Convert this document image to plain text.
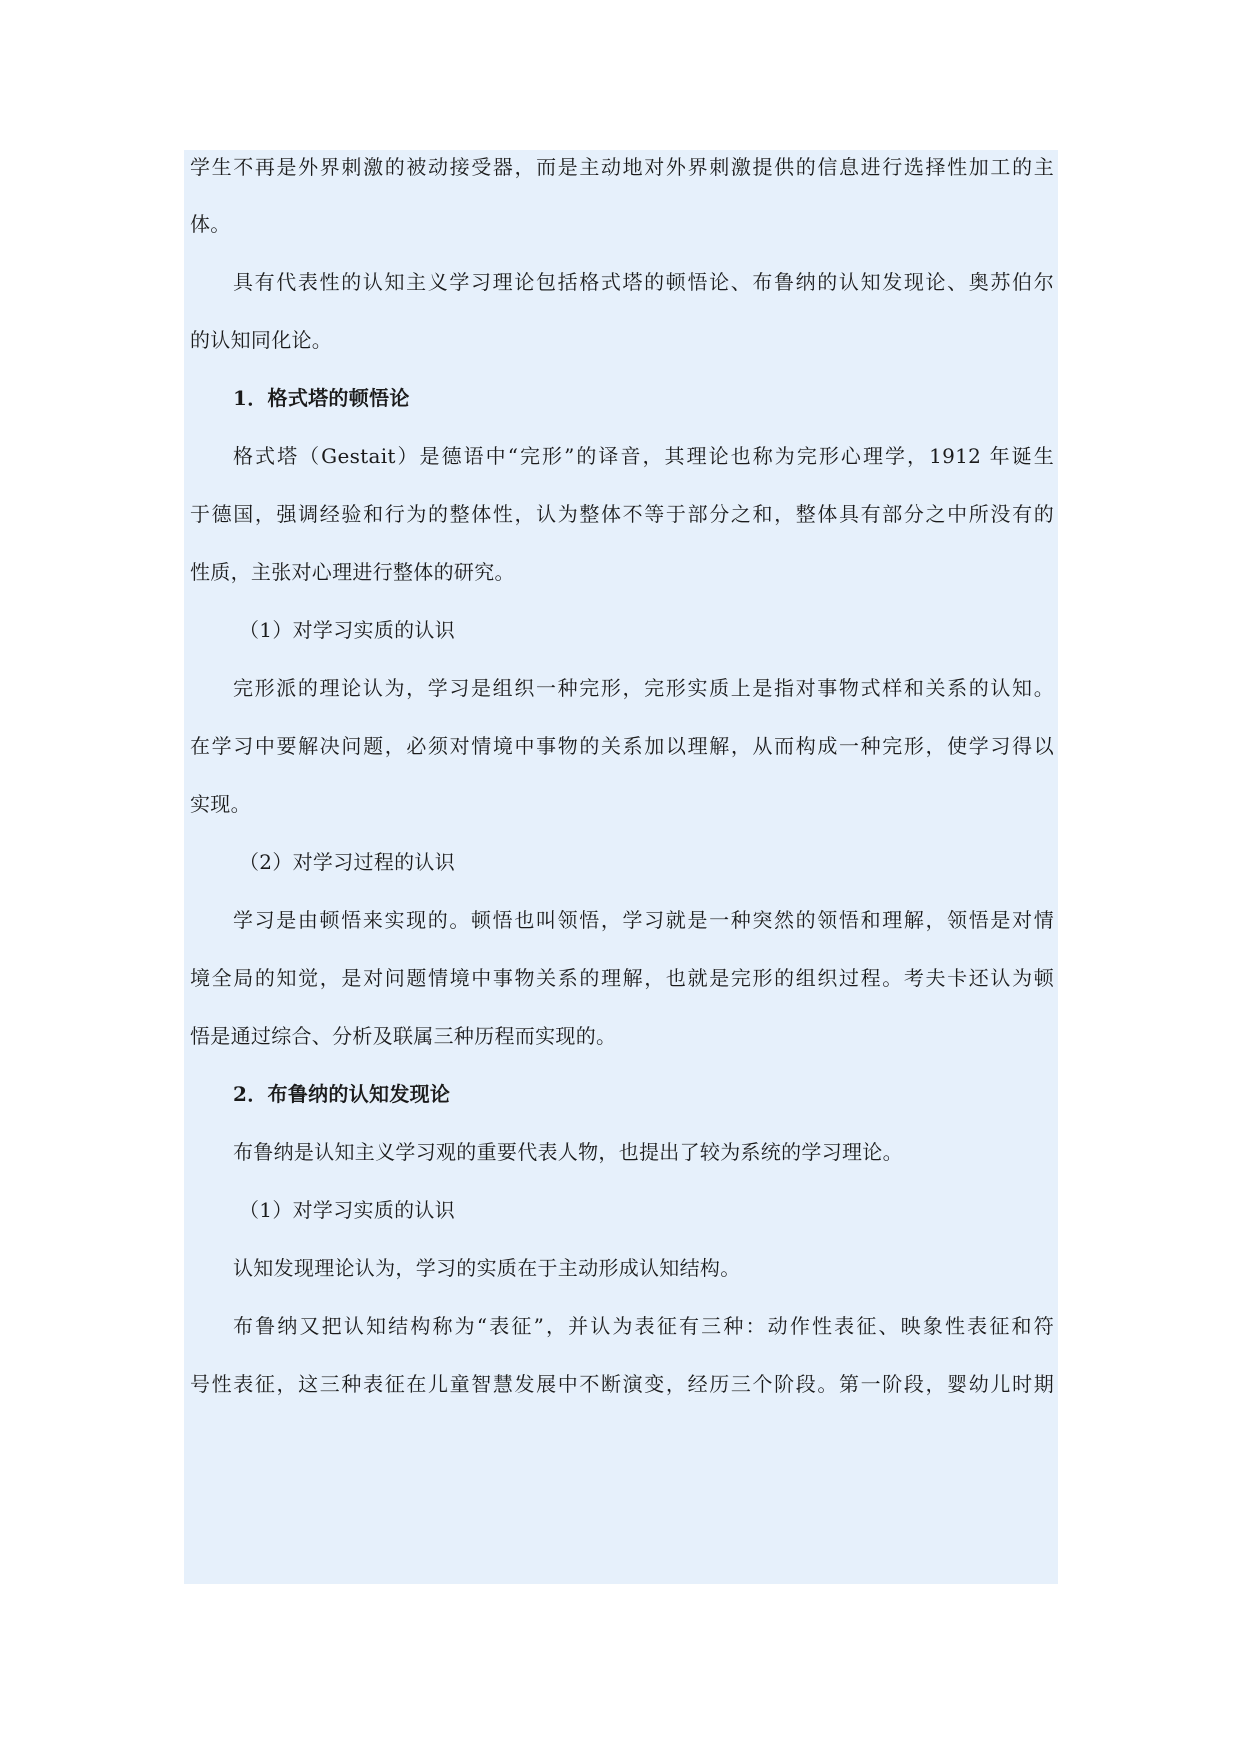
学生不再是外界刺激的被动接受器，而是主动地对外界刺激提供的信息进行选择性加工的主
体。
具有代表性的认知主义学习理论包括格式塔的顿悟论、布鲁纳的认知发现论、奥苏伯尔
的认知同化论。
1．格式塔的顿悟论
格式塔（Gestait）是德语中“完形”的译音，其理论也称为完形心理学，1912 年诞生
于德国，强调经验和行为的整体性，认为整体不等于部分之和，整体具有部分之中所没有的
性质，主张对心理进行整体的研究。
（1）对学习实质的认识
完形派的理论认为，学习是组织一种完形，完形实质上是指对事物式样和关系的认知。
在学习中要解决问题，必须对情境中事物的关系加以理解，从而构成一种完形，使学习得以
实现。
（2）对学习过程的认识
学习是由顿悟来实现的。顿悟也叫领悟，学习就是一种突然的领悟和理解，领悟是对情
境全局的知觉，是对问题情境中事物关系的理解，也就是完形的组织过程。考夫卡还认为顿
悟是通过综合、分析及联属三种历程而实现的。
2．布鲁纳的认知发现论
布鲁纳是认知主义学习观的重要代表人物，也提出了较为系统的学习理论。
（1）对学习实质的认识
认知发现理论认为，学习的实质在于主动形成认知结构。
布鲁纳又把认知结构称为“表征”，并认为表征有三种：动作性表征、映象性表征和符
号性表征，这三种表征在儿童智慧发展中不断演变，经历三个阶段。第一阶段，婴幼儿时期
